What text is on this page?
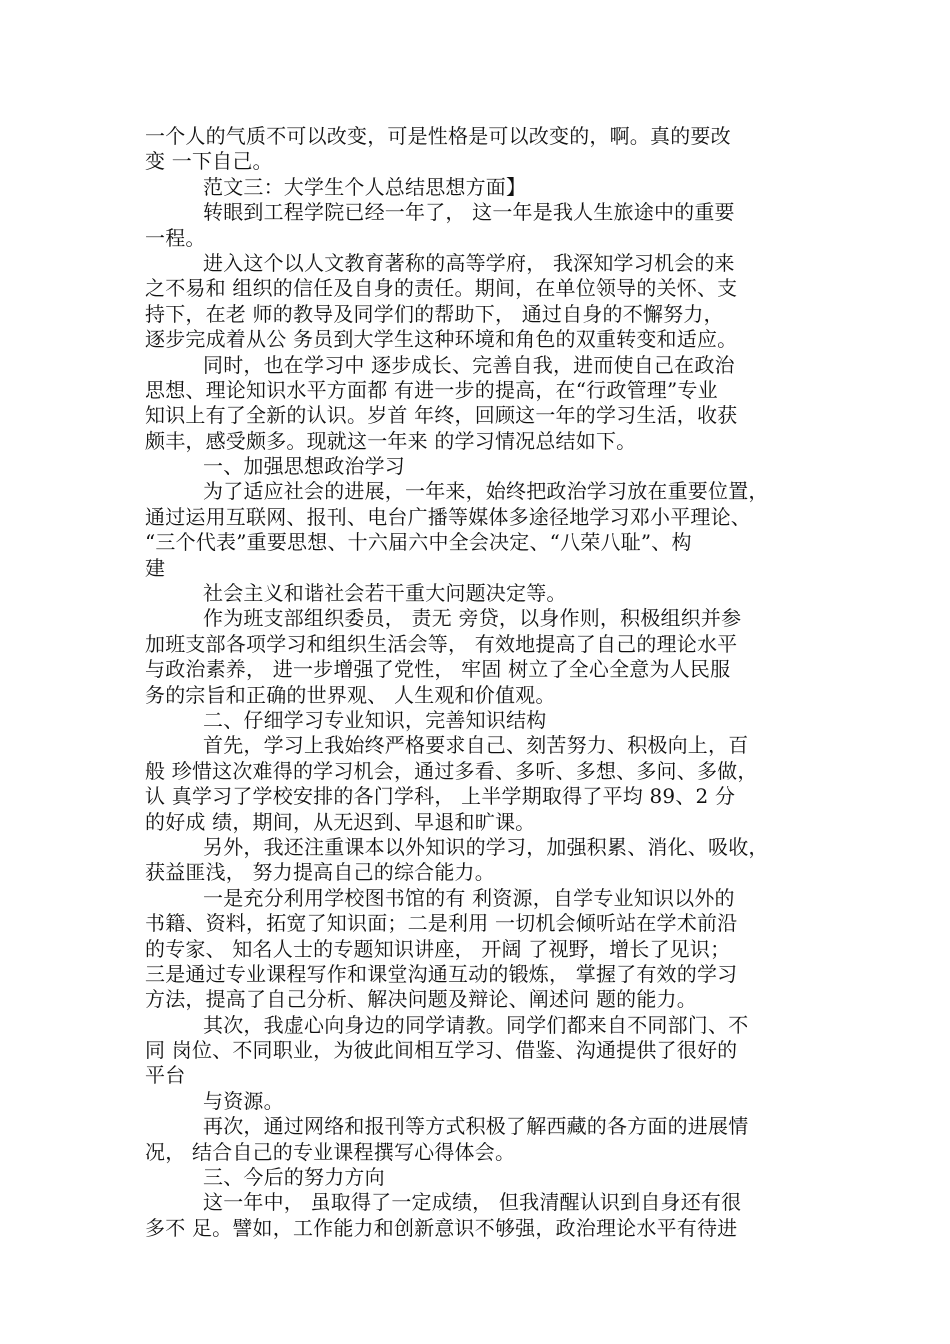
一个人的气质不可以改变，可是性格是可以改变的，啊。真的要改
变 一下自己。
范文三：大学生个人总结思想方面】
转眼到工程学院已经一年了， 这一年是我人生旅途中的重要
一程。
进入这个以人文教育著称的高等学府， 我深知学习机会的来
之不易和 组织的信任及自身的责任。期间，在单位领导的关怀、支
持下，在老 师的教导及同学们的帮助下， 通过自身的不懈努力，
逐步完成着从公 务员到大学生这种环境和角色的双重转变和适应。
同时，也在学习中 逐步成长、完善自我，进而使自己在政治
思想、理论知识水平方面都 有进一步的提高，在“行政管理”专业
知识上有了全新的认识。岁首 年终，回顾这一年的学习生活，收获
颇丰，感受颇多。现就这一年来 的学习情况总结如下。
一、加强思想政治学习
为了适应社会的进展，一年来，始终把政治学习放在重要位置，
通过运用互联网、报刊、电台广播等媒体多途径地学习邓小平理论、
“三个代表”重要思想、十六届六中全会决定、“八荣八耻”、构
建
社会主义和谐社会若干重大问题决定等。
作为班支部组织委员， 责无 旁贷，以身作则，积极组织并参
加班支部各项学习和组织生活会等， 有效地提高了自己的理论水平
与政治素养， 进一步增强了党性， 牢固 树立了全心全意为人民服
务的宗旨和正确的世界观、 人生观和价值观。
二、仔细学习专业知识，完善知识结构
首先，学习上我始终严格要求自己、刻苦努力、积极向上，百
般 珍惜这次难得的学习机会，通过多看、多听、多想、多问、多做，
认 真学习了学校安排的各门学科， 上半学期取得了平均 89、2 分
的好成 绩，期间，从无迟到、早退和旷课。
另外，我还注重课本以外知识的学习，加强积累、消化、吸收，
获益匪浅， 努力提高自己的综合能力。
一是充分利用学校图书馆的有 利资源，自学专业知识以外的
书籍、资料，拓宽了知识面；二是利用 一切机会倾听站在学术前沿
的专家、 知名人士的专题知识讲座， 开阔 了视野，增长了见识；
三是通过专业课程写作和课堂沟通互动的锻炼， 掌握了有效的学习
方法，提高了自己分析、解决问题及辩论、阐述问 题的能力。
其次，我虚心向身边的同学请教。同学们都来自不同部门、不
同 岗位、不同职业，为彼此间相互学习、借鉴、沟通提供了很好的
平台
与资源。
再次，通过网络和报刊等方式积极了解西藏的各方面的进展情
况， 结合自己的专业课程撰写心得体会。
三、今后的努力方向
这一年中， 虽取得了一定成绩， 但我清醒认识到自身还有很
多不 足。譬如，工作能力和创新意识不够强，政治理论水平有待进
